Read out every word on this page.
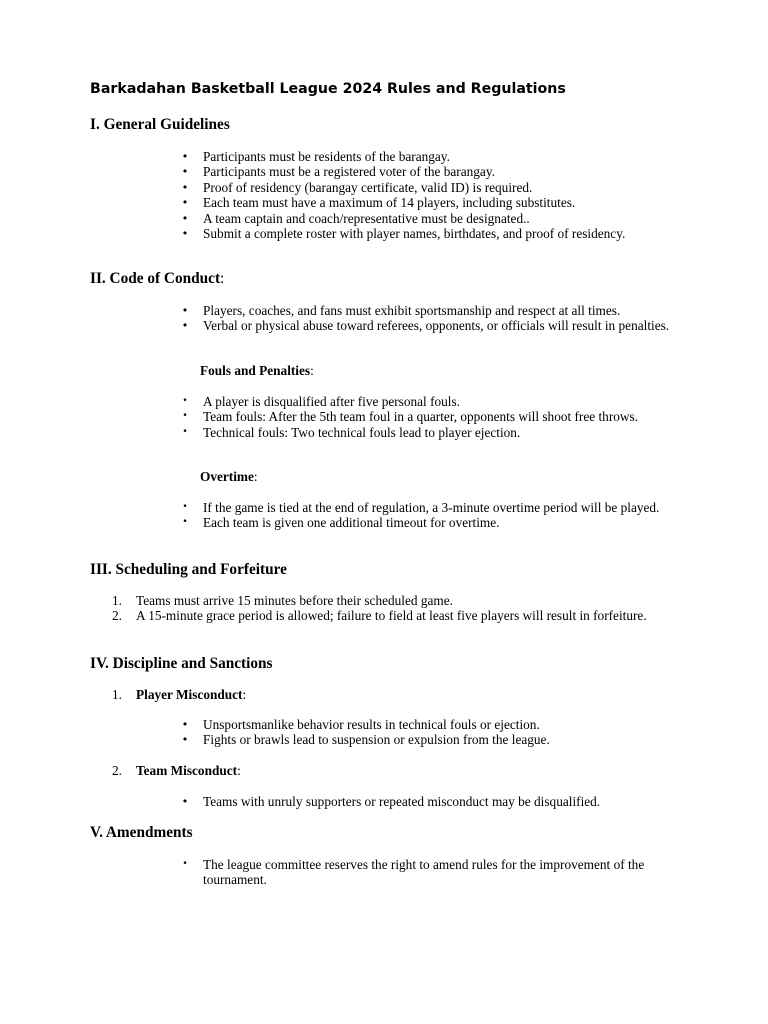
Barkadahan Basketball League 2024 Rules and Regulations
I. General Guidelines
• Participants must be residents of the barangay.
• Participants must be a registered voter of the barangay.
• Proof of residency (barangay certificate, valid ID) is required.
• Each team must have a maximum of 14 players, including substitutes.
• A team captain and coach/representative must be designated..
• Submit a complete roster with player names, birthdates, and proof of residency.
II. Code of Conduct:
• Players, coaches, and fans must exhibit sportsmanship and respect at all times.
• Verbal or physical abuse toward referees, opponents, or officials will result in penalties.

Fouls and Penalties:

• A player is disqualified after five personal fouls.
• Team fouls: After the 5th team foul in a quarter, opponents will shoot free throws.
• Technical fouls: Two technical fouls lead to player ejection.

Overtime:

• If the game is tied at the end of regulation, a 3-minute overtime period will be played.
• Each team is given one additional timeout for overtime.
III. Scheduling and Forfeiture
1.	Teams must arrive 15 minutes before their scheduled game.
2.	A 15-minute grace period is allowed; failure to field at least five players will result in forfeiture.
IV. Discipline and Sanctions

1. Player Misconduct:

• Unsportsmanlike behavior results in technical fouls or ejection.
• Fights or brawls lead to suspension or expulsion from the league.

2. Team Misconduct:

• Teams with unruly supporters or repeated misconduct may be disqualified.
V. Amendments
• The league committee reserves the right to amend rules for the improvement of the tournament.
